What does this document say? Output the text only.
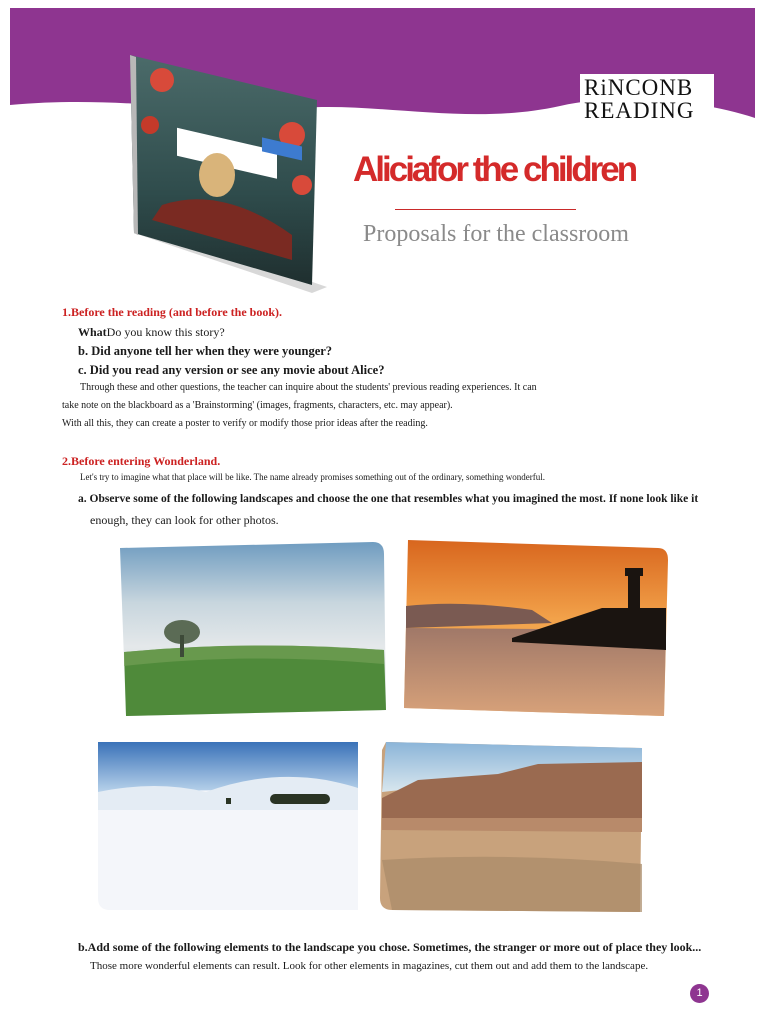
RiNCONB
READING
Aliciafor the children
Proposals for the classroom
1.Before the reading (and before the book).
WhatDo you know this story?
b. Did anyone tell her when they were younger?
c. Did you read any version or see any movie about Alice?
Through these and other questions, the teacher can inquire about the students' previous reading experiences. It can
take note on the blackboard as a 'Brainstorming' (images, fragments, characters, etc. may appear).
With all this, they can create a poster to verify or modify those prior ideas after the reading.
2.Before entering Wonderland.
Let's try to imagine what that place will be like. The name already promises something out of the ordinary, something wonderful.
a. Observe some of the following landscapes and choose the one that resembles what you imagined the most. If none look like it
enough, they can look for other photos.
b.Add some of the following elements to the landscape you chose. Sometimes, the stranger or more out of place they look...
Those more wonderful elements can result. Look for other elements in magazines, cut them out and add them to the landscape.
1
